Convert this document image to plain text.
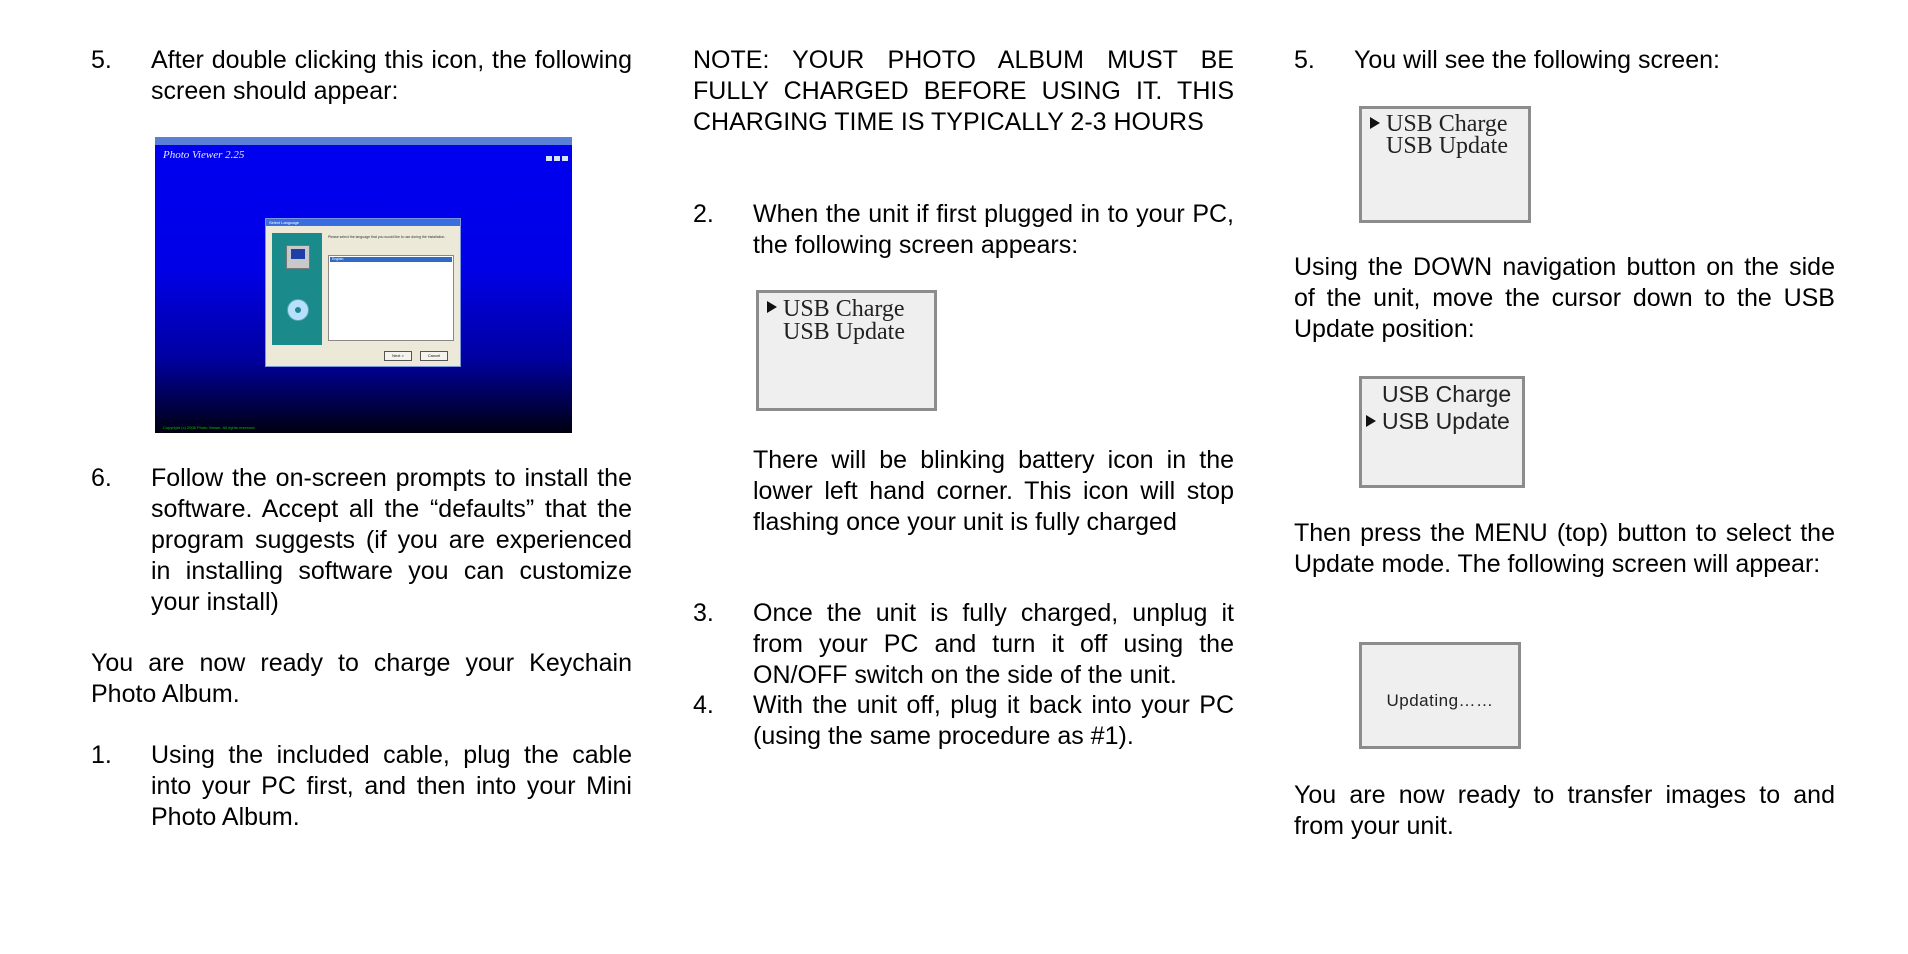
5. After double clicking this icon, the following screen should appear:
Photo Viewer 2.25
Select Language
Please select the language that you would like to use during the installation.
English
Next >	Cancel
Copyright (c) 2006 Photo Viewer. All rights reserved.
6. Follow the on-screen prompts to install the software. Accept all the “defaults” that the program suggests (if you are experienced in installing software you can customize your install)
You are now ready to charge your Keychain Photo Album.
1. Using the included cable, plug the cable into your PC first, and then into your Mini Photo Album.
NOTE: YOUR PHOTO ALBUM MUST BE FULLY CHARGED BEFORE USING IT. THIS CHARGING TIME IS TYPICALLY 2-3 HOURS
2. When the unit if first plugged in to your PC, the following screen appears:
USB Charge
USB Update
There will be blinking battery icon in the lower left hand corner. This icon will stop flashing once your unit is fully charged
3. Once the unit is fully charged, unplug it from your PC and turn it off using the ON/OFF switch on the side of the unit.
4. With the unit off, plug it back into your PC (using the same procedure as #1).
5. You will see the following screen:
USB Charge
USB Update
Using the DOWN navigation button on the side of the unit, move the cursor down to the USB Update position:
USB Charge
USB Update
Then press the MENU (top) button to select the Update mode. The following screen will appear:
Updating……
You are now ready to transfer images to and from your unit.
